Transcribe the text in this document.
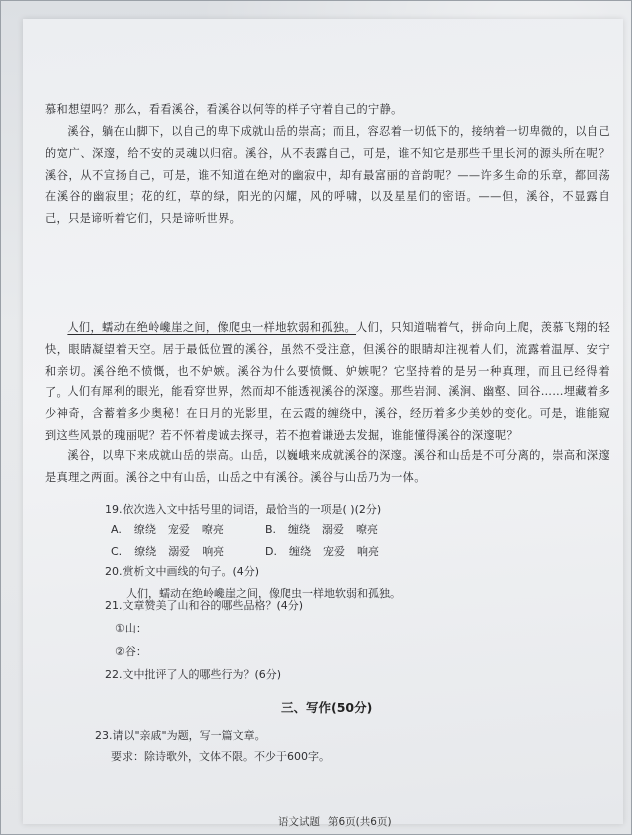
慕和想望吗？那么，看看溪谷，看溪谷以何等的样子守着自己的宁静。

溪谷，躺在山脚下，以自己的卑下成就山岳的崇高；而且，容忍着一切低下的，接纳着一切卑微的，以自己的宽广、深邃，给不安的灵魂以归宿。溪谷，从不表露自己，可是，谁不知它是那些千里长河的源头所在呢？溪谷，从不宣扬自己，可是，谁不知道在绝对的幽寂中，却有最富丽的音韵呢？——许多生命的乐章，都回荡在溪谷的幽寂里；花的红，草的绿，阳光的闪耀，风的呼啸，以及星星们的密语。——但，溪谷，不显露自己，只是谛听着它们，只是谛听世界。

人们，蠕动在绝岭巉崖之间，像爬虫一样地软弱和孤独。人们，只知道喘着气，拼命向上爬，羡慕飞翔的轻快，眼睛凝望着天空。居于最低位置的溪谷，虽然不受注意，但溪谷的眼睛却注视着人们，流露着温厚、安宁和亲切。溪谷绝不愤慨，也不妒嫉。溪谷为什么要愤慨、妒嫉呢？它坚持着的是另一种真理，而且已经得着了。 人们有犀利的眼光，能看穿世界，然而却不能透视溪谷的深邃。那些岩洞、溪涧、幽壑、回谷……埋藏着多少神奇，含蓄着多少奥秘！在日月的光影里，在云霞的缠绕中，溪谷，经历着多少美妙的变化。可是，谁能窥到这些风景的瑰丽呢？若不怀着虔诚去探寻，若不抱着谦逊去发掘，谁能懂得溪谷的深邃呢？

溪谷，以卑下来成就山岳的崇高。山岳，以巍峨来成就溪谷的深邃。溪谷和山岳是不可分离的，崇高和深邃是真理之两面。溪谷之中有山岳，山岳之中有溪谷。溪谷与山岳乃为一体。

19.依次选入文中括号里的词语，最恰当的一项是( )(2分)
A. 缭绕 宠爱 嘹亮	B. 缠绕 溺爱 嘹亮
C. 缭绕 溺爱 响亮	D. 缠绕 宠爱 响亮
20.赏析文中画线的句子。(4分)
人们，蠕动在绝岭巉崖之间，像爬虫一样地软弱和孤独。
21.文章赞美了山和谷的哪些品格？(4分)
①山：
②谷：
22.文中批评了人的哪些行为？(6分)
三、写作(50分)
23.请以"亲戚"为题，写一篇文章。
要求：除诗歌外，文体不限。不少于600字。
语文试题 第6页(共6页)
